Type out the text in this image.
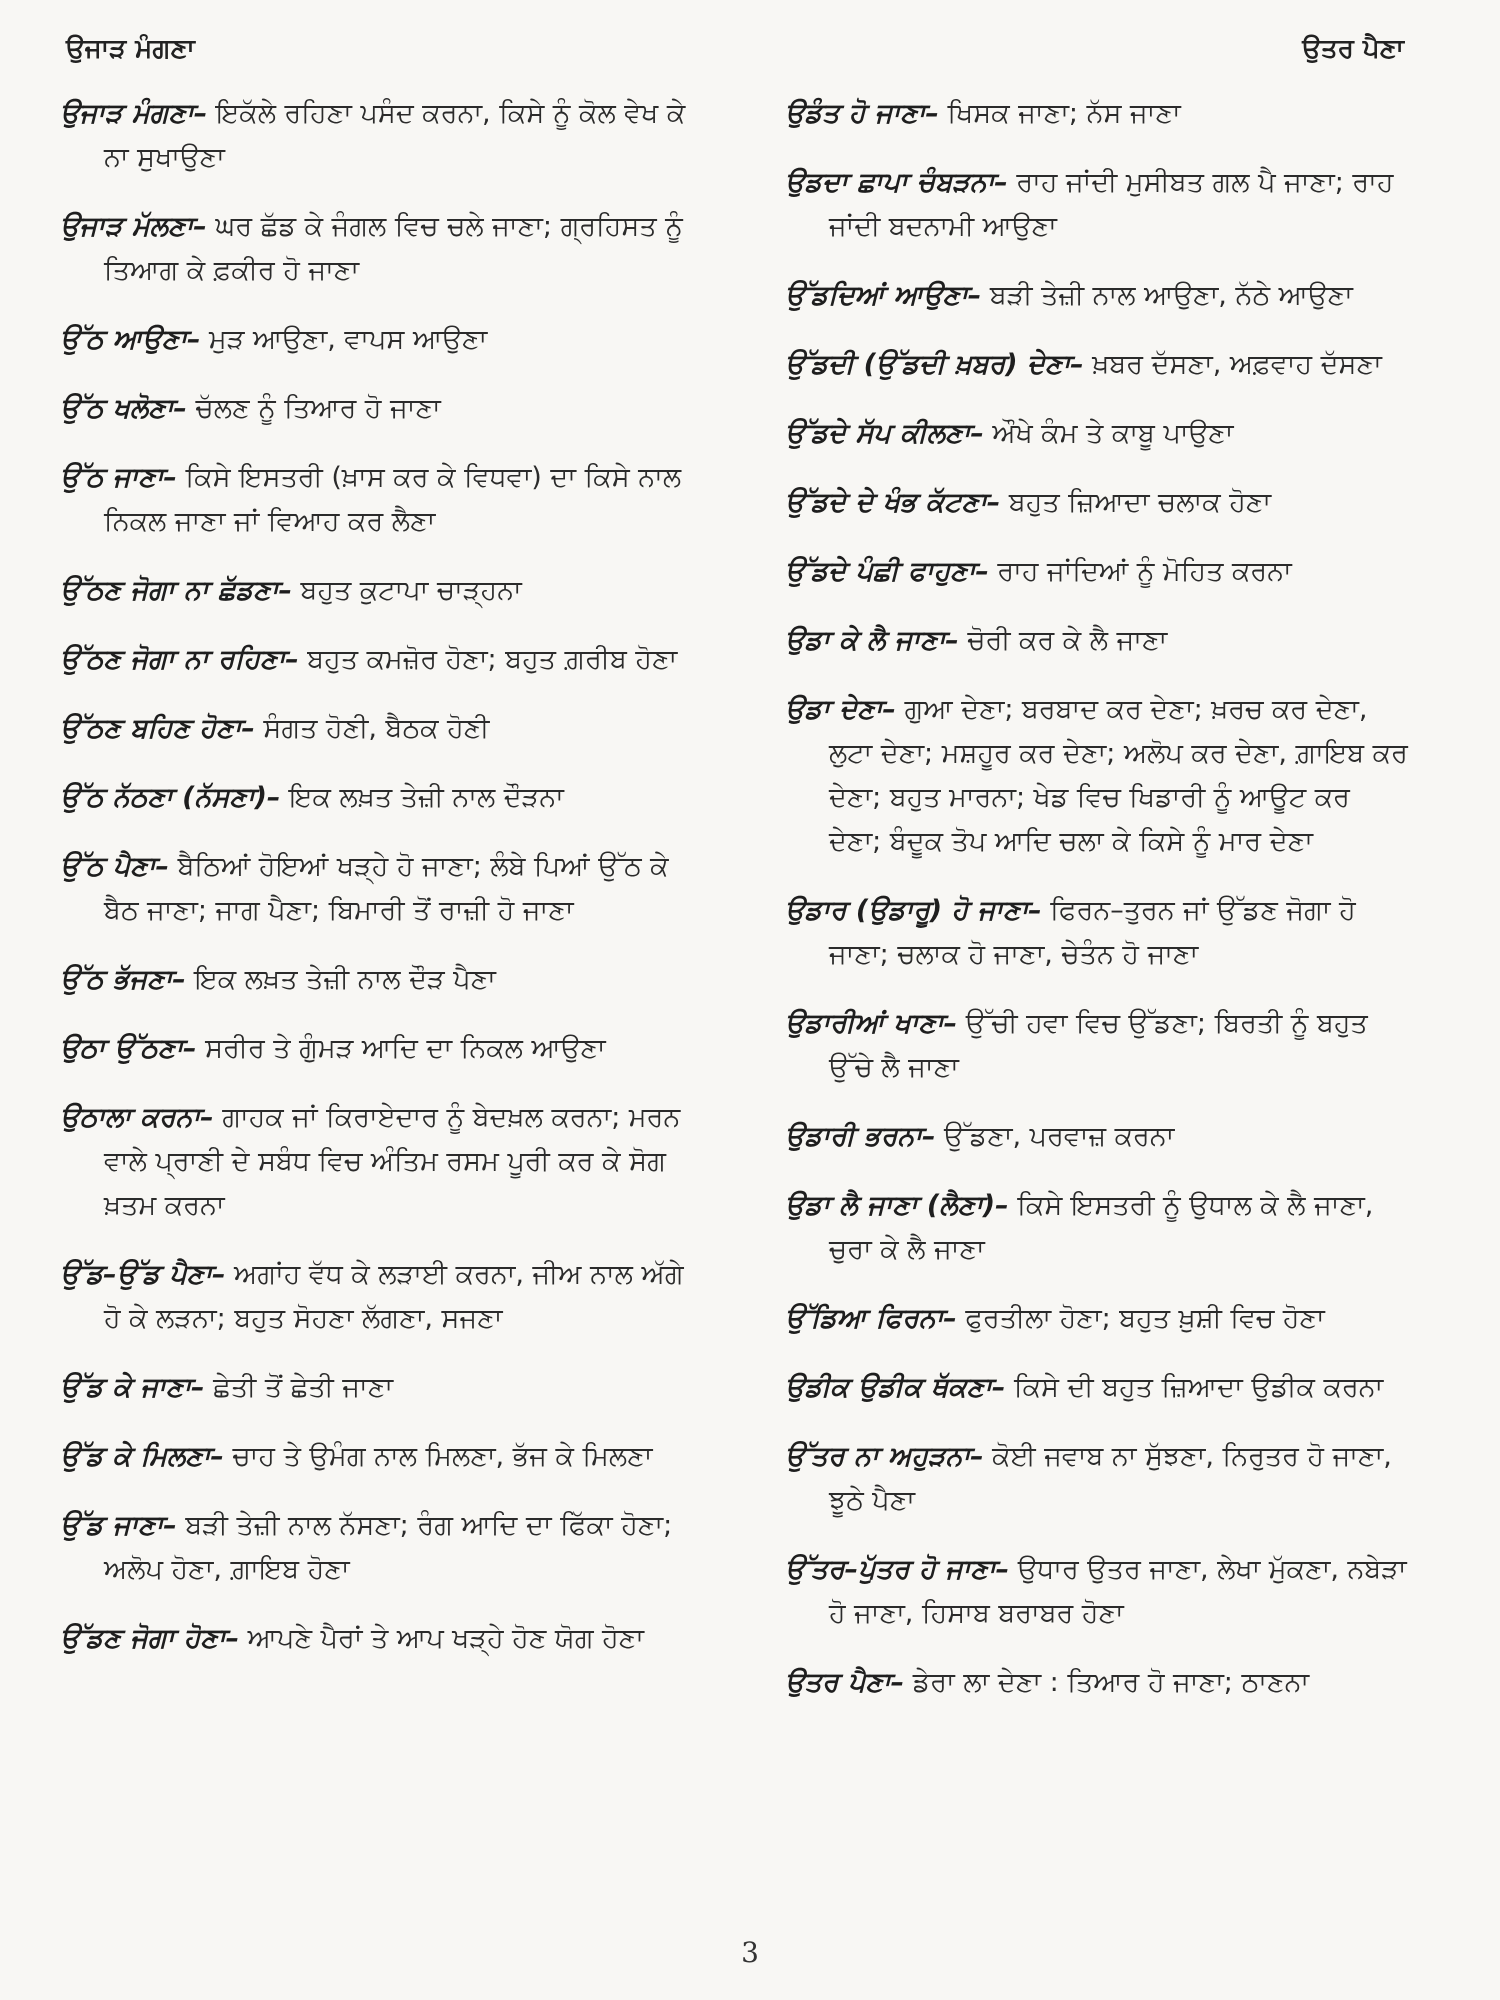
ਉਜਾੜ ਮੰਗਣਾ	ਉਤਰ ਪੈਣਾ
ਉਜਾੜ ਮੰਗਣਾ– ਇਕੱਲੇ ਰਹਿਣਾ ਪਸੰਦ ਕਰਨਾ, ਕਿਸੇ ਨੂੰ ਕੋਲ ਵੇਖ ਕੇ ਨਾ ਸੁਖਾਉਣਾ
ਉਜਾੜ ਮੱਲਣਾ– ਘਰ ਛੱਡ ਕੇ ਜੰਗਲ ਵਿਚ ਚਲੇ ਜਾਣਾ; ਗ੍ਰਹਿਸਤ ਨੂੰ ਤਿਆਗ ਕੇ ਫ਼ਕੀਰ ਹੋ ਜਾਣਾ
ਉੱਠ ਆਉਣਾ– ਮੁੜ ਆਉਣਾ, ਵਾਪਸ ਆਉਣਾ
ਉੱਠ ਖਲੋਣਾ– ਚੱਲਣ ਨੂੰ ਤਿਆਰ ਹੋ ਜਾਣਾ
ਉੱਠ ਜਾਣਾ– ਕਿਸੇ ਇਸਤਰੀ (ਖ਼ਾਸ ਕਰ ਕੇ ਵਿਧਵਾ) ਦਾ ਕਿਸੇ ਨਾਲ ਨਿਕਲ ਜਾਣਾ ਜਾਂ ਵਿਆਹ ਕਰ ਲੈਣਾ
ਉੱਠਣ ਜੋਗਾ ਨਾ ਛੱਡਣਾ– ਬਹੁਤ ਕੁਟਾਪਾ ਚਾੜ੍ਹਨਾ
ਉੱਠਣ ਜੋਗਾ ਨਾ ਰਹਿਣਾ– ਬਹੁਤ ਕਮਜ਼ੋਰ ਹੋਣਾ; ਬਹੁਤ ਗ਼ਰੀਬ ਹੋਣਾ
ਉੱਠਣ ਬਹਿਣ ਹੋਣਾ– ਸੰਗਤ ਹੋਣੀ, ਬੈਠਕ ਹੋਣੀ
ਉੱਠ ਨੱਠਣਾ (ਨੱਸਣਾ)– ਇਕ ਲਖ਼ਤ ਤੇਜ਼ੀ ਨਾਲ ਦੌੜਨਾ
ਉੱਠ ਪੈਣਾ– ਬੈਠਿਆਂ ਹੋਇਆਂ ਖੜ੍ਹੇ ਹੋ ਜਾਣਾ; ਲੰਬੇ ਪਿਆਂ ਉੱਠ ਕੇ ਬੈਠ ਜਾਣਾ; ਜਾਗ ਪੈਣਾ; ਬਿਮਾਰੀ ਤੋਂ ਰਾਜ਼ੀ ਹੋ ਜਾਣਾ
ਉੱਠ ਭੱਜਣਾ– ਇਕ ਲਖ਼ਤ ਤੇਜ਼ੀ ਨਾਲ ਦੌੜ ਪੈਣਾ
ਉਠਾ ਉੱਠਣਾ– ਸਰੀਰ ਤੇ ਗੁੰਮੜ ਆਦਿ ਦਾ ਨਿਕਲ ਆਉਣਾ
ਉਠਾਲਾ ਕਰਨਾ– ਗਾਹਕ ਜਾਂ ਕਿਰਾਏਦਾਰ ਨੂੰ ਬੇਦਖ਼ਲ ਕਰਨਾ; ਮਰਨ ਵਾਲੇ ਪ੍ਰਾਣੀ ਦੇ ਸਬੰਧ ਵਿਚ ਅੰਤਿਮ ਰਸਮ ਪੂਰੀ ਕਰ ਕੇ ਸੋਗ ਖ਼ਤਮ ਕਰਨਾ
ਉੱਡ–ਉੱਡ ਪੈਣਾ– ਅਗਾਂਹ ਵੱਧ ਕੇ ਲੜਾਈ ਕਰਨਾ, ਜੀਅ ਨਾਲ ਅੱਗੇ ਹੋ ਕੇ ਲੜਨਾ; ਬਹੁਤ ਸੋਹਣਾ ਲੱਗਣਾ, ਸਜਣਾ
ਉੱਡ ਕੇ ਜਾਣਾ– ਛੇਤੀ ਤੋਂ ਛੇਤੀ ਜਾਣਾ
ਉੱਡ ਕੇ ਮਿਲਣਾ– ਚਾਹ ਤੇ ਉਮੰਗ ਨਾਲ ਮਿਲਣਾ, ਭੱਜ ਕੇ ਮਿਲਣਾ
ਉੱਡ ਜਾਣਾ– ਬੜੀ ਤੇਜ਼ੀ ਨਾਲ ਨੱਸਣਾ; ਰੰਗ ਆਦਿ ਦਾ ਫਿੱਕਾ ਹੋਣਾ; ਅਲੋਪ ਹੋਣਾ, ਗ਼ਾਇਬ ਹੋਣਾ
ਉੱਡਣ ਜੋਗਾ ਹੋਣਾ– ਆਪਣੇ ਪੈਰਾਂ ਤੇ ਆਪ ਖੜ੍ਹੇ ਹੋਣ ਯੋਗ ਹੋਣਾ
ਉਡੰਤ ਹੋ ਜਾਣਾ– ਖਿਸਕ ਜਾਣਾ; ਨੱਸ ਜਾਣਾ
ਉਡਦਾ ਛਾਪਾ ਚੰਬੜਨਾ– ਰਾਹ ਜਾਂਦੀ ਮੁਸੀਬਤ ਗਲ ਪੈ ਜਾਣਾ; ਰਾਹ ਜਾਂਦੀ ਬਦਨਾਮੀ ਆਉਣਾ
ਉੱਡਦਿਆਂ ਆਉਣਾ– ਬੜੀ ਤੇਜ਼ੀ ਨਾਲ ਆਉਣਾ, ਨੱਠੇ ਆਉਣਾ
ਉੱਡਦੀ (ਉੱਡਦੀ ਖ਼ਬਰ) ਦੇਣਾ– ਖ਼ਬਰ ਦੱਸਣਾ, ਅਫ਼ਵਾਹ ਦੱਸਣਾ
ਉੱਡਦੇ ਸੱਪ ਕੀਲਣਾ– ਔਖੇ ਕੰਮ ਤੇ ਕਾਬੂ ਪਾਉਣਾ
ਉੱਡਦੇ ਦੇ ਖੰਭ ਕੱਟਣਾ– ਬਹੁਤ ਜ਼ਿਆਦਾ ਚਲਾਕ ਹੋਣਾ
ਉੱਡਦੇ ਪੰਛੀ ਫਾਹੁਣਾ– ਰਾਹ ਜਾਂਦਿਆਂ ਨੂੰ ਮੋਹਿਤ ਕਰਨਾ
ਉਡਾ ਕੇ ਲੈ ਜਾਣਾ– ਚੋਰੀ ਕਰ ਕੇ ਲੈ ਜਾਣਾ
ਉਡਾ ਦੇਣਾ– ਗੁਆ ਦੇਣਾ; ਬਰਬਾਦ ਕਰ ਦੇਣਾ; ਖ਼ਰਚ ਕਰ ਦੇਣਾ, ਲੁਟਾ ਦੇਣਾ; ਮਸ਼ਹੂਰ ਕਰ ਦੇਣਾ; ਅਲੋਪ ਕਰ ਦੇਣਾ, ਗ਼ਾਇਬ ਕਰ ਦੇਣਾ; ਬਹੁਤ ਮਾਰਨਾ; ਖੇਡ ਵਿਚ ਖਿਡਾਰੀ ਨੂੰ ਆਊਟ ਕਰ ਦੇਣਾ; ਬੰਦੂਕ ਤੋਪ ਆਦਿ ਚਲਾ ਕੇ ਕਿਸੇ ਨੂੰ ਮਾਰ ਦੇਣਾ
ਉਡਾਰ (ਉਡਾਰੂ) ਹੋ ਜਾਣਾ– ਫਿਰਨ–ਤੁਰਨ ਜਾਂ ਉੱਡਣ ਜੋਗਾ ਹੋ ਜਾਣਾ; ਚਲਾਕ ਹੋ ਜਾਣਾ, ਚੇਤੰਨ ਹੋ ਜਾਣਾ
ਉਡਾਰੀਆਂ ਖਾਣਾ– ਉੱਚੀ ਹਵਾ ਵਿਚ ਉੱਡਣਾ; ਬਿਰਤੀ ਨੂੰ ਬਹੁਤ ਉੱਚੇ ਲੈ ਜਾਣਾ
ਉਡਾਰੀ ਭਰਨਾ– ਉੱਡਣਾ, ਪਰਵਾਜ਼ ਕਰਨਾ
ਉਡਾ ਲੈ ਜਾਣਾ (ਲੈਣਾ)– ਕਿਸੇ ਇਸਤਰੀ ਨੂੰ ਉਧਾਲ ਕੇ ਲੈ ਜਾਣਾ, ਚੁਰਾ ਕੇ ਲੈ ਜਾਣਾ
ਉੱਡਿਆ ਫਿਰਨਾ– ਫੁਰਤੀਲਾ ਹੋਣਾ; ਬਹੁਤ ਖ਼ੁਸ਼ੀ ਵਿਚ ਹੋਣਾ
ਉਡੀਕ ਉਡੀਕ ਥੱਕਣਾ– ਕਿਸੇ ਦੀ ਬਹੁਤ ਜ਼ਿਆਦਾ ਉਡੀਕ ਕਰਨਾ
ਉੱਤਰ ਨਾ ਅਹੁੜਨਾ– ਕੋਈ ਜਵਾਬ ਨਾ ਸੁੱਝਣਾ, ਨਿਰੁਤਰ ਹੋ ਜਾਣਾ, ਝੂਠੇ ਪੈਣਾ
ਉੱਤਰ–ਪੁੱਤਰ ਹੋ ਜਾਣਾ– ਉਧਾਰ ਉਤਰ ਜਾਣਾ, ਲੇਖਾ ਮੁੱਕਣਾ, ਨਬੇੜਾ ਹੋ ਜਾਣਾ, ਹਿਸਾਬ ਬਰਾਬਰ ਹੋਣਾ
ਉਤਰ ਪੈਣਾ– ਡੇਰਾ ਲਾ ਦੇਣਾ : ਤਿਆਰ ਹੋ ਜਾਣਾ; ਠਾਣਨਾ
3
